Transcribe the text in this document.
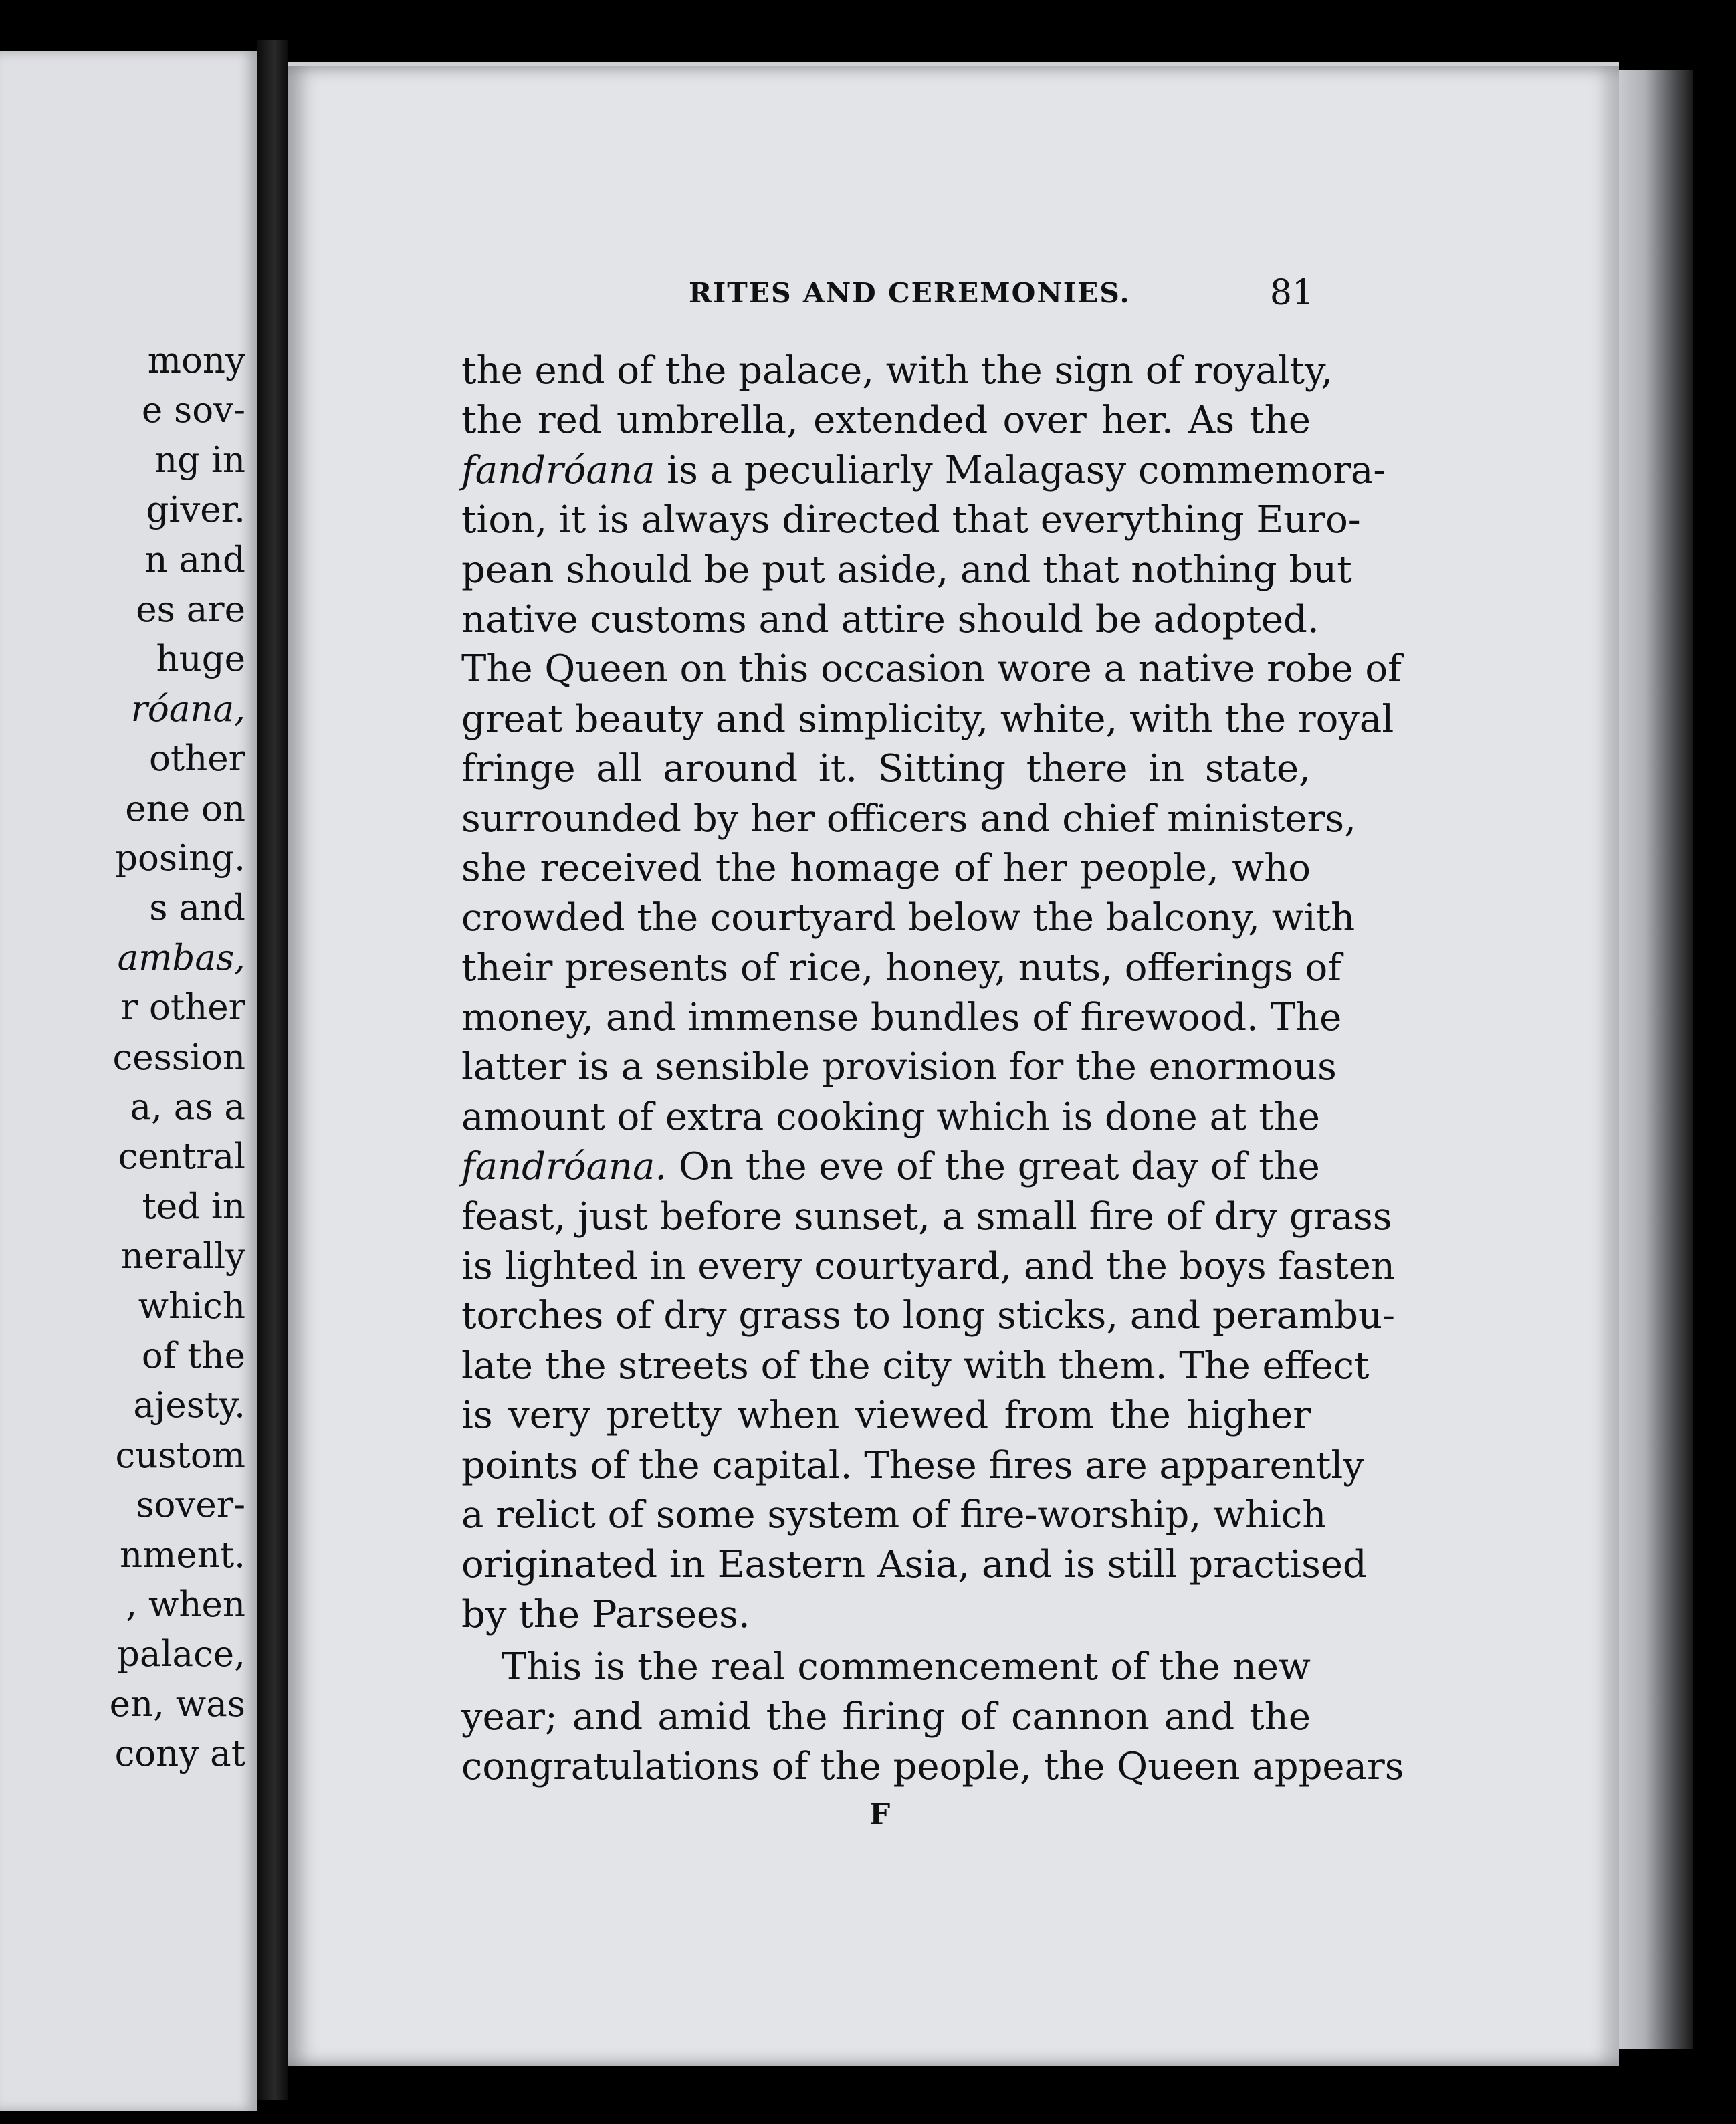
mony
e sov-
ng in
giver.
n and
es are
huge
róana,
other
ene on
posing.
s and
ambas,
r other
cession
a, as a
central
ted in
nerally
which
of the
ajesty.
custom
sover-
nment.
, when
palace,
en, was
cony at
RITES AND CEREMONIES.	81
the end of the palace, with the sign of royalty,
the red umbrella, extended over her. As the
fandróana is a peculiarly Malagasy commemora-
tion, it is always directed that everything Euro-
pean should be put aside, and that nothing but
native customs and attire should be adopted.
The Queen on this occasion wore a native robe of
great beauty and simplicity, white, with the royal
fringe all around it. Sitting there in state,
surrounded by her officers and chief ministers,
she received the homage of her people, who
crowded the courtyard below the balcony, with
their presents of rice, honey, nuts, offerings of
money, and immense bundles of firewood. The
latter is a sensible provision for the enormous
amount of extra cooking which is done at the
fandróana. On the eve of the great day of the
feast, just before sunset, a small fire of dry grass
is lighted in every courtyard, and the boys fasten
torches of dry grass to long sticks, and perambu-
late the streets of the city with them. The effect
is very pretty when viewed from the higher
points of the capital. These fires are apparently
a relict of some system of fire-worship, which
originated in Eastern Asia, and is still practised
by the Parsees.
This is the real commencement of the new
year; and amid the firing of cannon and the
congratulations of the people, the Queen appears
F
